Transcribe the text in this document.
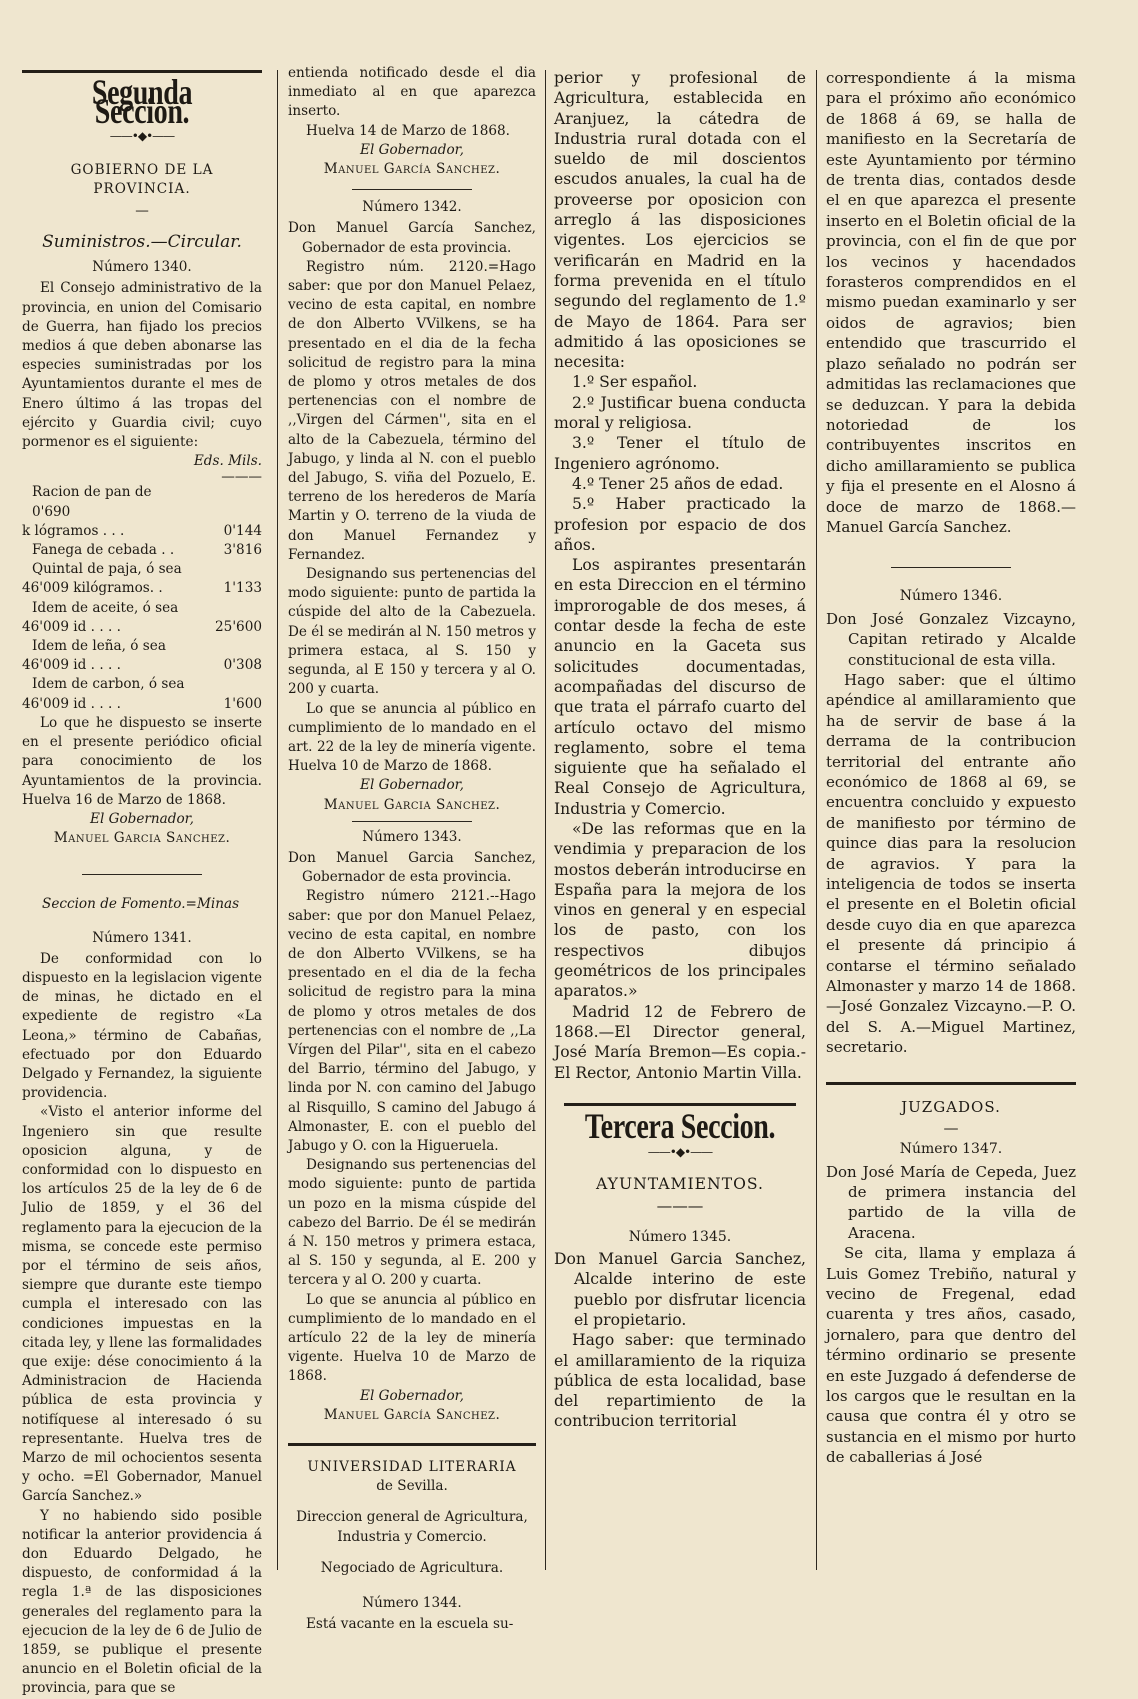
Segunda Seccion.
——•◆•——
GOBIERNO DE LA PROVINCIA.
—
Suministros.—Circular.
Número 1340.

El Consejo administrativo de la provincia, en union del Comisario de Guerra, han fijado los precios medios á que deben abonarse las especies suministradas por los Ayuntamientos durante el mes de Enero último á las tropas del ejército y Guardia civil; cuyo pormenor es el siguiente:

Eds. Mils.

———

Racion de pan de 0'690
k lógramos . . .	0'144
Fanega de cebada . .	3'816
Quintal de paja, ó sea
46'009 kilógramos. .	1'133
Idem de aceite, ó sea
46'009 id . . . .	25'600
Idem de leña, ó sea
46'009 id . . . .	0'308
Idem de carbon, ó sea
46'009 id . . . .	1'600

Lo que he dispuesto se inserte en el presente periódico oficial para conocimiento de los Ayuntamientos de la provincia. Huelva 16 de Marzo de 1868.

El Gobernador,

Manuel Garcia Sanchez.

Seccion de Fomento.=Minas

Número 1341.

De conformidad con lo dispuesto en la legislacion vigente de minas, he dictado en el expediente de registro «La Leona,» término de Cabañas, efectuado por don Eduardo Delgado y Fernandez, la siguiente providencia.

«Visto el anterior informe del Ingeniero sin que resulte oposicion alguna, y de conformidad con lo dispuesto en los artículos 25 de la ley de 6 de Julio de 1859, y el 36 del reglamento para la ejecucion de la misma, se concede este permiso por el término de seis años, siempre que durante este tiempo cumpla el interesado con las condiciones impuestas en la citada ley, y llene las formalidades que exije: dése conocimiento á la Administracion de Hacienda pública de esta provincia y notifíquese al interesado ó su representante. Huelva tres de Marzo de mil ochocientos sesenta y ocho. =El Gobernador, Manuel García Sanchez.»

Y no habiendo sido posible notificar la anterior providencia á don Eduardo Delgado, he dispuesto, de conformidad á la regla 1.ª de las disposiciones generales del reglamento para la ejecucion de la ley de 6 de Julio de 1859, se publique el presente anuncio en el Boletin oficial de la provincia, para que se

entienda notificado desde el dia inmediato al en que aparezca inserto.

Huelva 14 de Marzo de 1868.

El Gobernador,

Manuel García Sanchez.

Número 1342.

Don Manuel García Sanchez, Gobernador de esta provincia.

Registro núm. 2120.=Hago saber: que por don Manuel Pelaez, vecino de esta capital, en nombre de don Alberto VVilkens, se ha presentado en el dia de la fecha solicitud de registro para la mina de plomo y otros metales de dos pertenencias con el nombre de ,,Virgen del Cármen'', sita en el alto de la Cabezuela, término del Jabugo, y linda al N. con el pueblo del Jabugo, S. viña del Pozuelo, E. terreno de los herederos de María Martin y O. terreno de la viuda de don Manuel Fernandez y Fernandez.

Designando sus pertenencias del modo siguiente: punto de partida la cúspide del alto de la Cabezuela. De él se medirán al N. 150 metros y primera estaca, al S. 150 y segunda, al E 150 y tercera y al O. 200 y cuarta.

Lo que se anuncia al público en cumplimiento de lo mandado en el art. 22 de la ley de minería vigente. Huelva 10 de Marzo de 1868.

El Gobernador,

Manuel Garcia Sanchez.

Número 1343.

Don Manuel Garcia Sanchez, Gobernador de esta provincia.

Registro número 2121.--Hago saber: que por don Manuel Pelaez, vecino de esta capital, en nombre de don Alberto VVilkens, se ha presentado en el dia de la fecha solicitud de registro para la mina de plomo y otros metales de dos pertenencias con el nombre de ,,La Vírgen del Pilar'', sita en el cabezo del Barrio, término del Jabugo, y linda por N. con camino del Jabugo al Risquillo, S camino del Jabugo á Almonaster, E. con el pueblo del Jabugo y O. con la Higueruela.

Designando sus pertenencias del modo siguiente: punto de partida un pozo en la misma cúspide del cabezo del Barrio. De él se medirán á N. 150 metros y primera estaca, al S. 150 y segunda, al E. 200 y tercera y al O. 200 y cuarta.

Lo que se anuncia al público en cumplimiento de lo mandado en el artículo 22 de la ley de minería vigente. Huelva 10 de Marzo de 1868.

El Gobernador,

Manuel García Sanchez.

UNIVERSIDAD LITERARIA

de Sevilla.

Direccion general de Agricultura, Industria y Comercio.

Negociado de Agricultura.

Número 1344.

Está vacante en la escuela su-

perior y profesional de Agricultura, establecida en Aranjuez, la cátedra de Industria rural dotada con el sueldo de mil doscientos escudos anuales, la cual ha de proveerse por oposicion con arreglo á las disposiciones vigentes. Los ejercicios se verificarán en Madrid en la forma prevenida en el título segundo del reglamento de 1.º de Mayo de 1864. Para ser admitido á las oposiciones se necesita:

1.º Ser español.

2.º Justificar buena conducta moral y religiosa.

3.º Tener el título de Ingeniero agrónomo.

4.º Tener 25 años de edad.

5.º Haber practicado la profesion por espacio de dos años.

Los aspirantes presentarán en esta Direccion en el término improrogable de dos meses, á contar desde la fecha de este anuncio en la Gaceta sus solicitudes documentadas, acompañadas del discurso de que trata el párrafo cuarto del artículo octavo del mismo reglamento, sobre el tema siguiente que ha señalado el Real Consejo de Agricultura, Industria y Comercio.

«De las reformas que en la vendimia y preparacion de los mostos deberán introducirse en España para la mejora de los vinos en general y en especial los de pasto, con los respectivos dibujos geométricos de los principales aparatos.»

Madrid 12 de Febrero de 1868.—El Director general, José María Bremon—Es copia.-El Rector, Antonio Martin Villa.

Tercera Seccion.
——•◆•——
AYUNTAMIENTOS.
———
Número 1345.

Don Manuel Garcia Sanchez, Alcalde interino de este pueblo por disfrutar licencia el propietario.

Hago saber: que terminado el amillaramiento de la riquiza pública de esta localidad, base del repartimiento de la contribucion territorial

correspondiente á la misma para el próximo año económico de 1868 á 69, se halla de manifiesto en la Secretaría de este Ayuntamiento por término de trenta dias, contados desde el en que aparezca el presente inserto en el Boletin oficial de la provincia, con el fin de que por los vecinos y hacendados forasteros comprendidos en el mismo puedan examinarlo y ser oidos de agravios; bien entendido que trascurrido el plazo señalado no podrán ser admitidas las reclamaciones que se deduzcan. Y para la debida notoriedad de los contribuyentes inscritos en dicho amillaramiento se publica y fija el presente en el Alosno á doce de marzo de 1868.—Manuel García Sanchez.

Número 1346.

Don José Gonzalez Vizcayno, Capitan retirado y Alcalde constitucional de esta villa.

Hago saber: que el último apéndice al amillaramiento que ha de servir de base á la derrama de la contribucion territorial del entrante año económico de 1868 al 69, se encuentra concluido y expuesto de manifiesto por término de quince dias para la resolucion de agravios. Y para la inteligencia de todos se inserta el presente en el Boletin oficial desde cuyo dia en que aparezca el presente dá principio á contarse el término señalado Almonaster y marzo 14 de 1868.—José Gonzalez Vizcayno.—P. O. del S. A.—Miguel Martinez, secretario.

JUZGADOS.
—
Número 1347.

Don José María de Cepeda, Juez de primera instancia del partido de la villa de Aracena.

Se cita, llama y emplaza á Luis Gomez Trebiño, natural y vecino de Fregenal, edad cuarenta y tres años, casado, jornalero, para que dentro del término ordinario se presente en este Juzgado á defenderse de los cargos que le resultan en la causa que contra él y otro se sustancia en el mismo por hurto de caballerias á José
